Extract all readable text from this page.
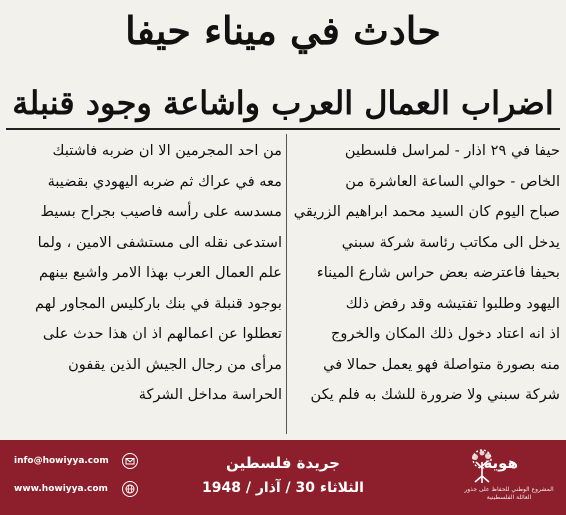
حادث في ميناء حيفا
اضراب العمال العرب واشاعة وجود قنبلة
حيفا في ٢٩ اذار - لمراسل فلسطين
الخاص - حوالي الساعة العاشرة من
صباح اليوم كان السيد محمد ابراهيم الزريقي
يدخل الى مكاتب رئاسة شركة سبني
بحيفا فاعترضه بعض حراس شارع الميناء
اليهود وطلبوا تفتيشه وقد رفض ذلك
اذ انه اعتاد دخول ذلك المكان والخروج
منه بصورة متواصلة فهو يعمل حمالا في
شركة سبني ولا ضرورة للشك به فلم يكن
من احد المجرمين الا ان ضربه فاشتبك
معه في عراك ثم ضربه اليهودي بقضيبة
مسدسه على رأسه فاصيب بجراح بسيط
استدعى نقله الى مستشفى الامين ، ولما
علم العمال العرب بهذا الامر واشيع بينهم
بوجود قنبلة في بنك باركليس المجاور لهم
تعطلوا عن اعمالهم اذ ان هذا حدث على
مرأى من رجال الجيش الذين يقفون
الحراسة مداخل الشركة
هوية
المشروع الوطني للحفاظ على جذور العائلة الفلسطينية
جريدة فلسطين
الثلاثاء 30 / آذار / 1948
info@howiyya.com
www.howiyya.com
